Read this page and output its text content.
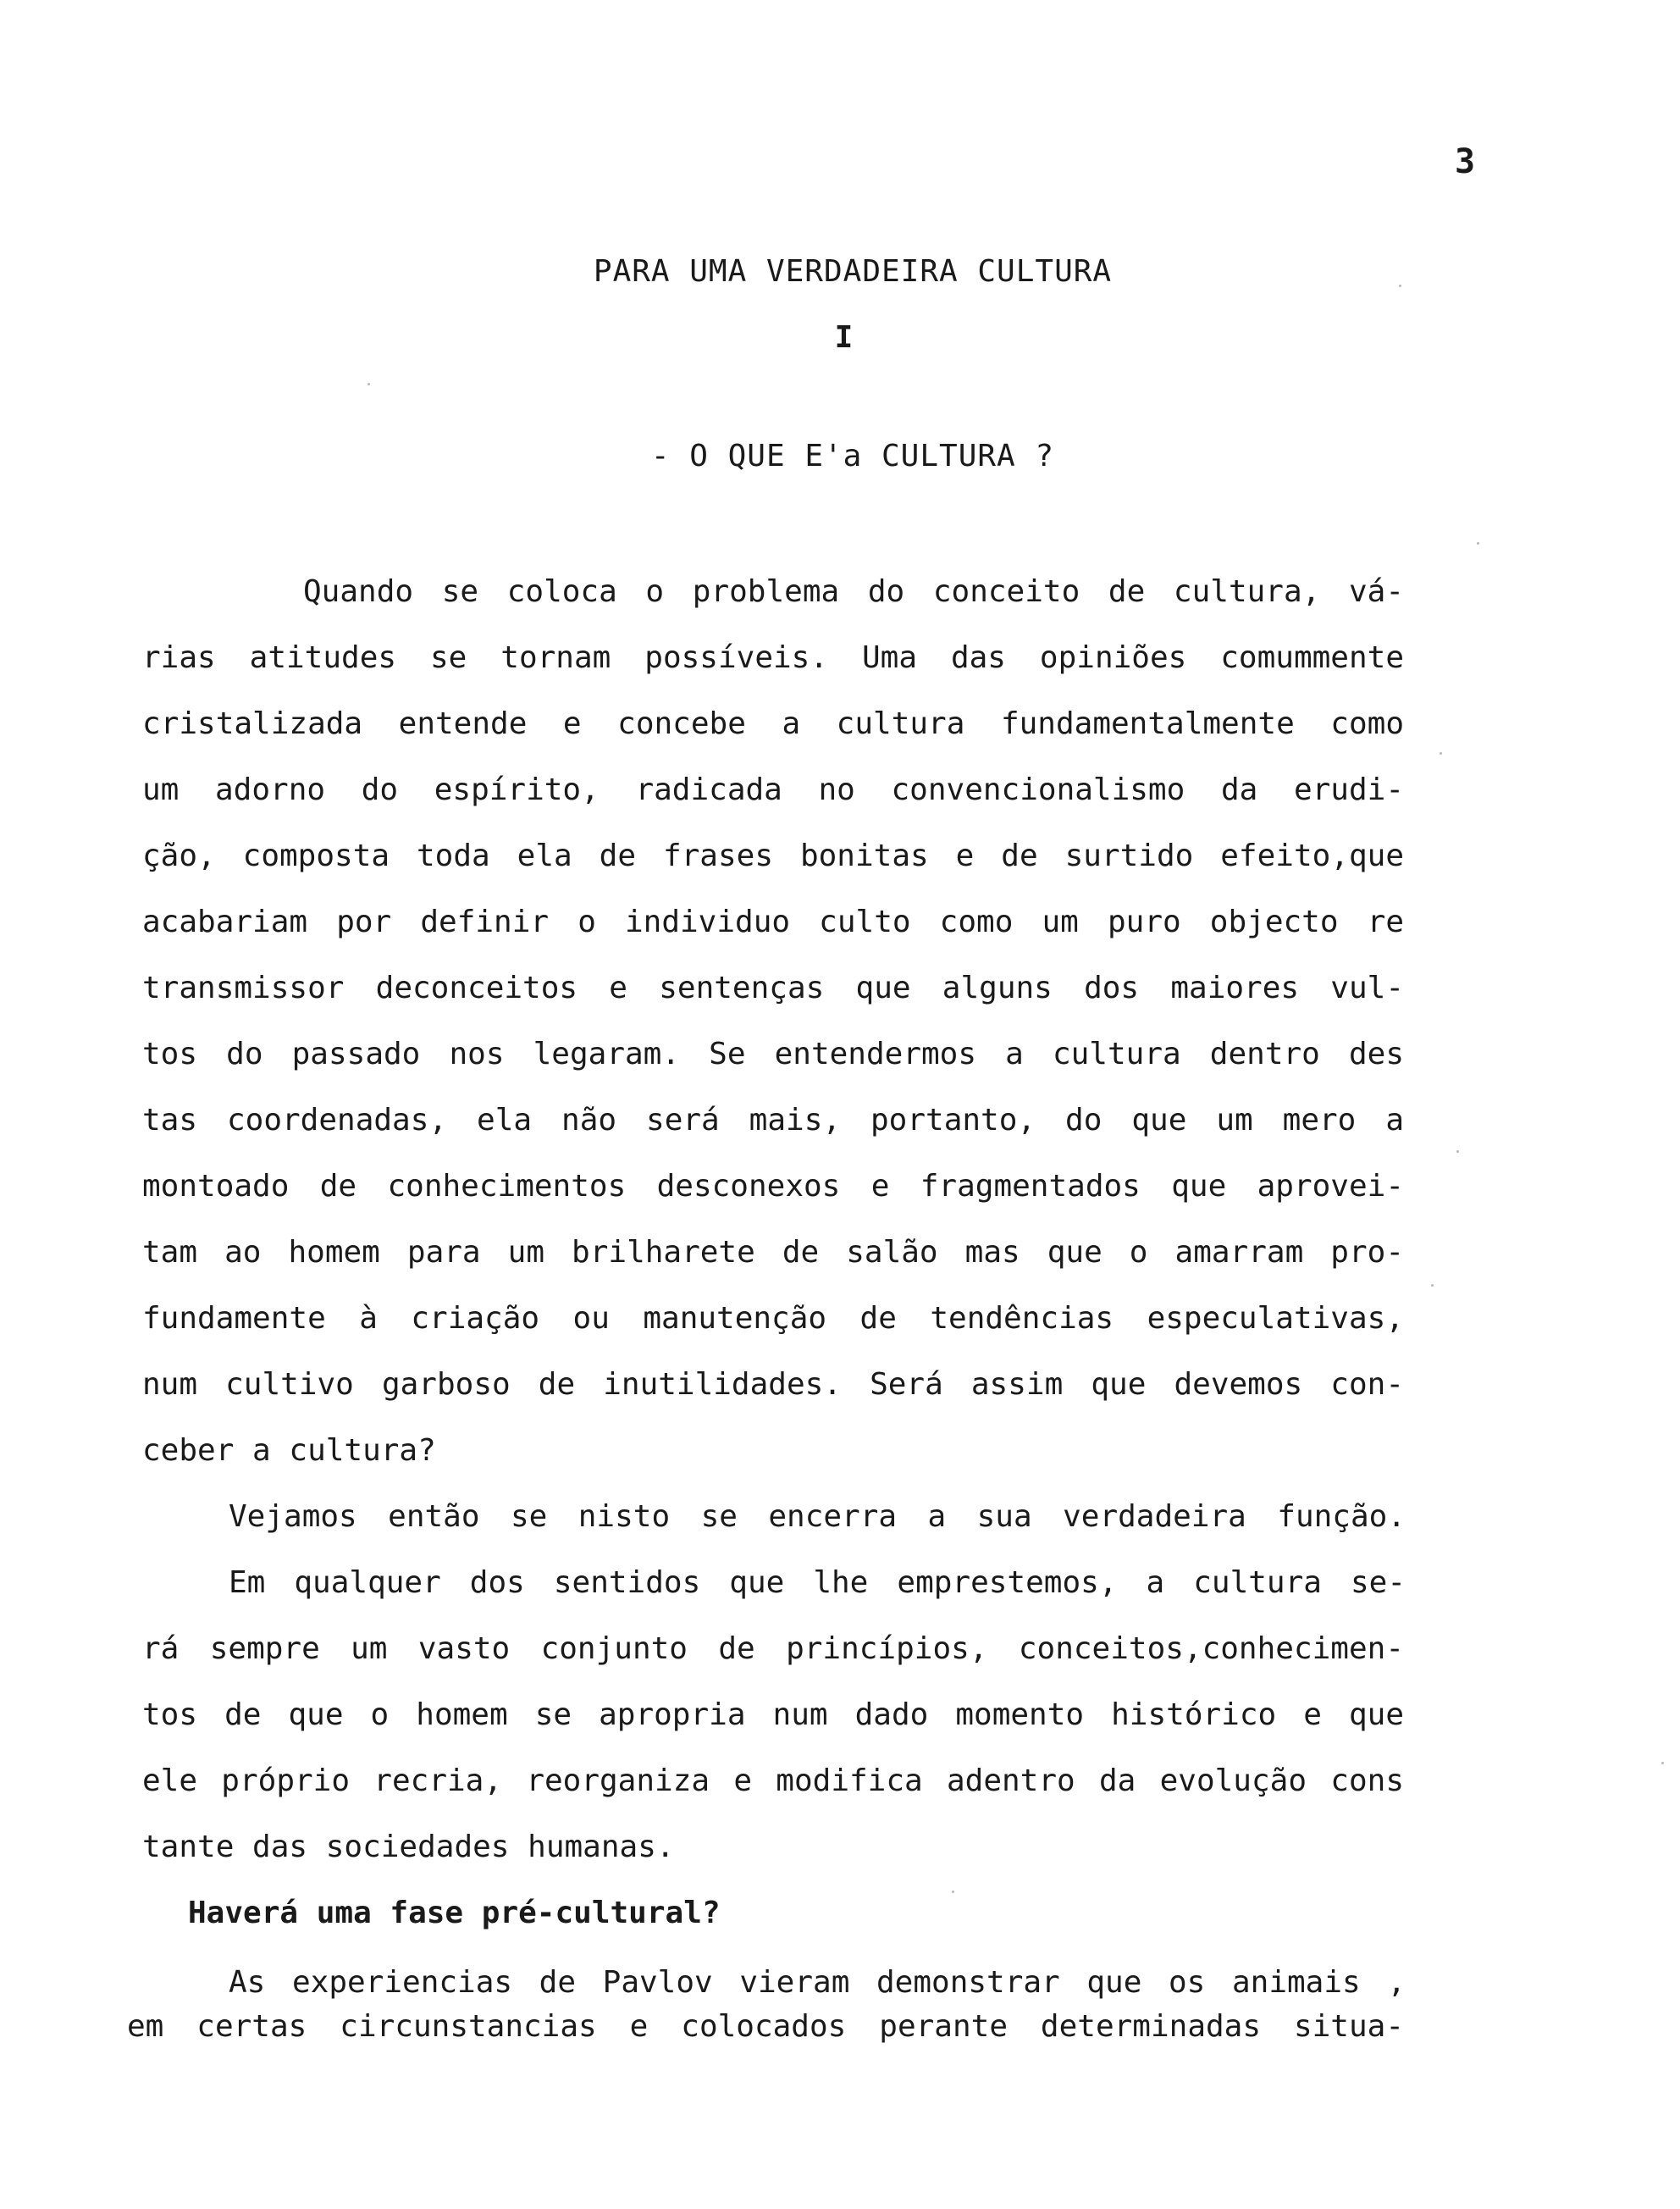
3
PARA UMA VERDADEIRA CULTURA
I
- O QUE E'a CULTURA ?
Quando se coloca o problema do conceito de cultura, vá-
rias atitudes se tornam possíveis. Uma das opiniões comummente
cristalizada entende e concebe a cultura fundamentalmente como
um adorno do espírito, radicada no convencionalismo da erudi-
ção, composta toda ela de frases bonitas e de surtido efeito,que
acabariam por definir o individuo culto como um puro objecto re
transmissor deconceitos e sentenças que alguns dos maiores vul-
tos do passado nos legaram. Se entendermos a cultura dentro des
tas coordenadas, ela não será mais, portanto, do que um mero a
montoado de conhecimentos desconexos e fragmentados que aprovei-
tam ao homem para um brilharete de salão mas que o amarram pro-
fundamente à criação ou manutenção de tendências especulativas,
num cultivo garboso de inutilidades. Será assim que devemos con-
ceber a cultura?
Vejamos então se nisto se encerra a sua verdadeira função.
Em qualquer dos sentidos que lhe emprestemos, a cultura se-
rá sempre um vasto conjunto de princípios, conceitos,conhecimen-
tos de que o homem se apropria num dado momento histórico e que
ele próprio recria, reorganiza e modifica adentro da evolução cons
tante das sociedades humanas.
Haverá uma fase pré-cultural?
As experiencias de Pavlov vieram demonstrar que os animais ,
em certas circunstancias e colocados perante determinadas situa-
